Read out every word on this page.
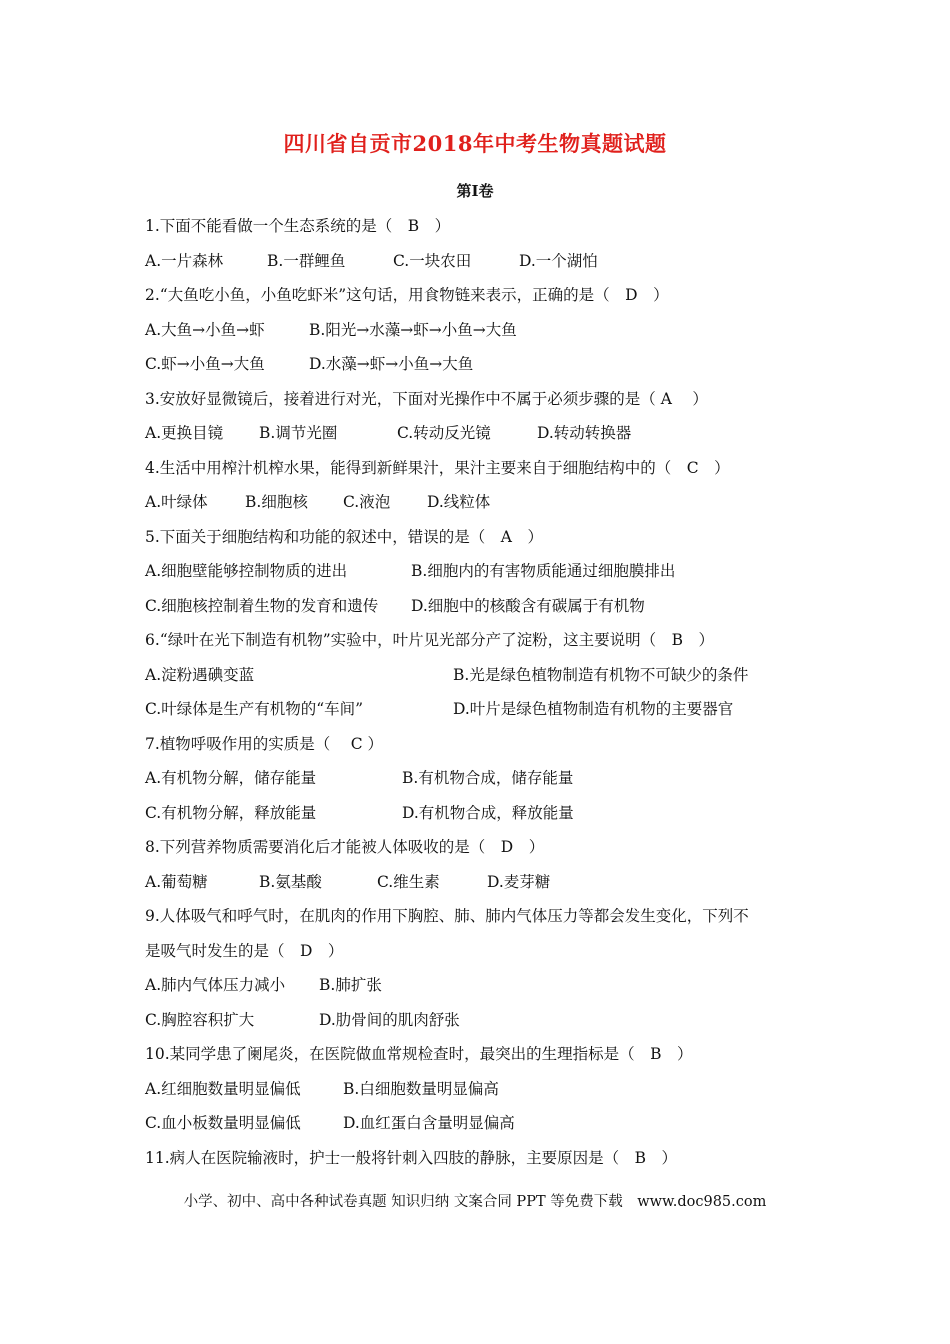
四川省自贡市2018年中考生物真题试题
第Ⅰ卷
1.下面不能看做一个生态系统的是（　B　）
A.一片森林	B.一群鲤鱼	C.一块农田	D.一个湖怕
2.“大鱼吃小鱼，小鱼吃虾米”这句话，用食物链来表示，正确的是（　D　）
A.大鱼→小鱼→虾	B.阳光→水藻→虾→小鱼→大鱼
C.虾→小鱼→大鱼	D.水藻→虾→小鱼→大鱼
3.安放好显微镜后，接着进行对光，下面对光操作中不属于必须步骤的是（ A　 ）
A.更换目镜 B.调节光圈	C.转动反光镜	D.转动转换器
4.生活中用榨汁机榨水果，能得到新鲜果汁，果汁主要来自于细胞结构中的（　C　）
A.叶绿体 B.细胞核 C.液泡 D.线粒体
5.下面关于细胞结构和功能的叙述中，错误的是（　A　）
A.细胞壁能够控制物质的进出	B.细胞内的有害物质能通过细胞膜排出
C.细胞核控制着生物的发育和遗传 D.细胞中的核酸含有碳属于有机物
6.“绿叶在光下制造有机物”实验中，叶片见光部分产了淀粉，这主要说明（　B　）
A.淀粉遇碘变蓝	B.光是绿色植物制造有机物不可缺少的条件
C.叶绿体是生产有机物的“车间”	D.叶片是绿色植物制造有机物的主要器官
7.植物呼吸作用的实质是（　 C ）
A.有机物分解，储存能量	B.有机物合成，储存能量
C.有机物分解，释放能量	D.有机物合成，释放能量
8.下列营养物质需要消化后才能被人体吸收的是（　D　）
A.葡萄糖	B.氨基酸	C.维生素	D.麦芽糖
9.人体吸气和呼气时，在肌肉的作用下胸腔、肺、肺内气体压力等都会发生变化，下列不
是吸气时发生的是（　D　）
A.肺内气体压力减小 B.肺扩张
C.胸腔容积扩大	D.肋骨间的肌肉舒张
10.某同学患了阑尾炎，在医院做血常规检查时，最突出的生理指标是（　B　）
A.红细胞数量明显偏低	B.白细胞数量明显偏高
C.血小板数量明显偏低	D.血红蛋白含量明显偏高
11.病人在医院输液时，护士一般将针刺入四肢的静脉，主要原因是（　B　）
小学、初中、高中各种试卷真题 知识归纳 文案合同 PPT 等免费下载　www.doc985.com
